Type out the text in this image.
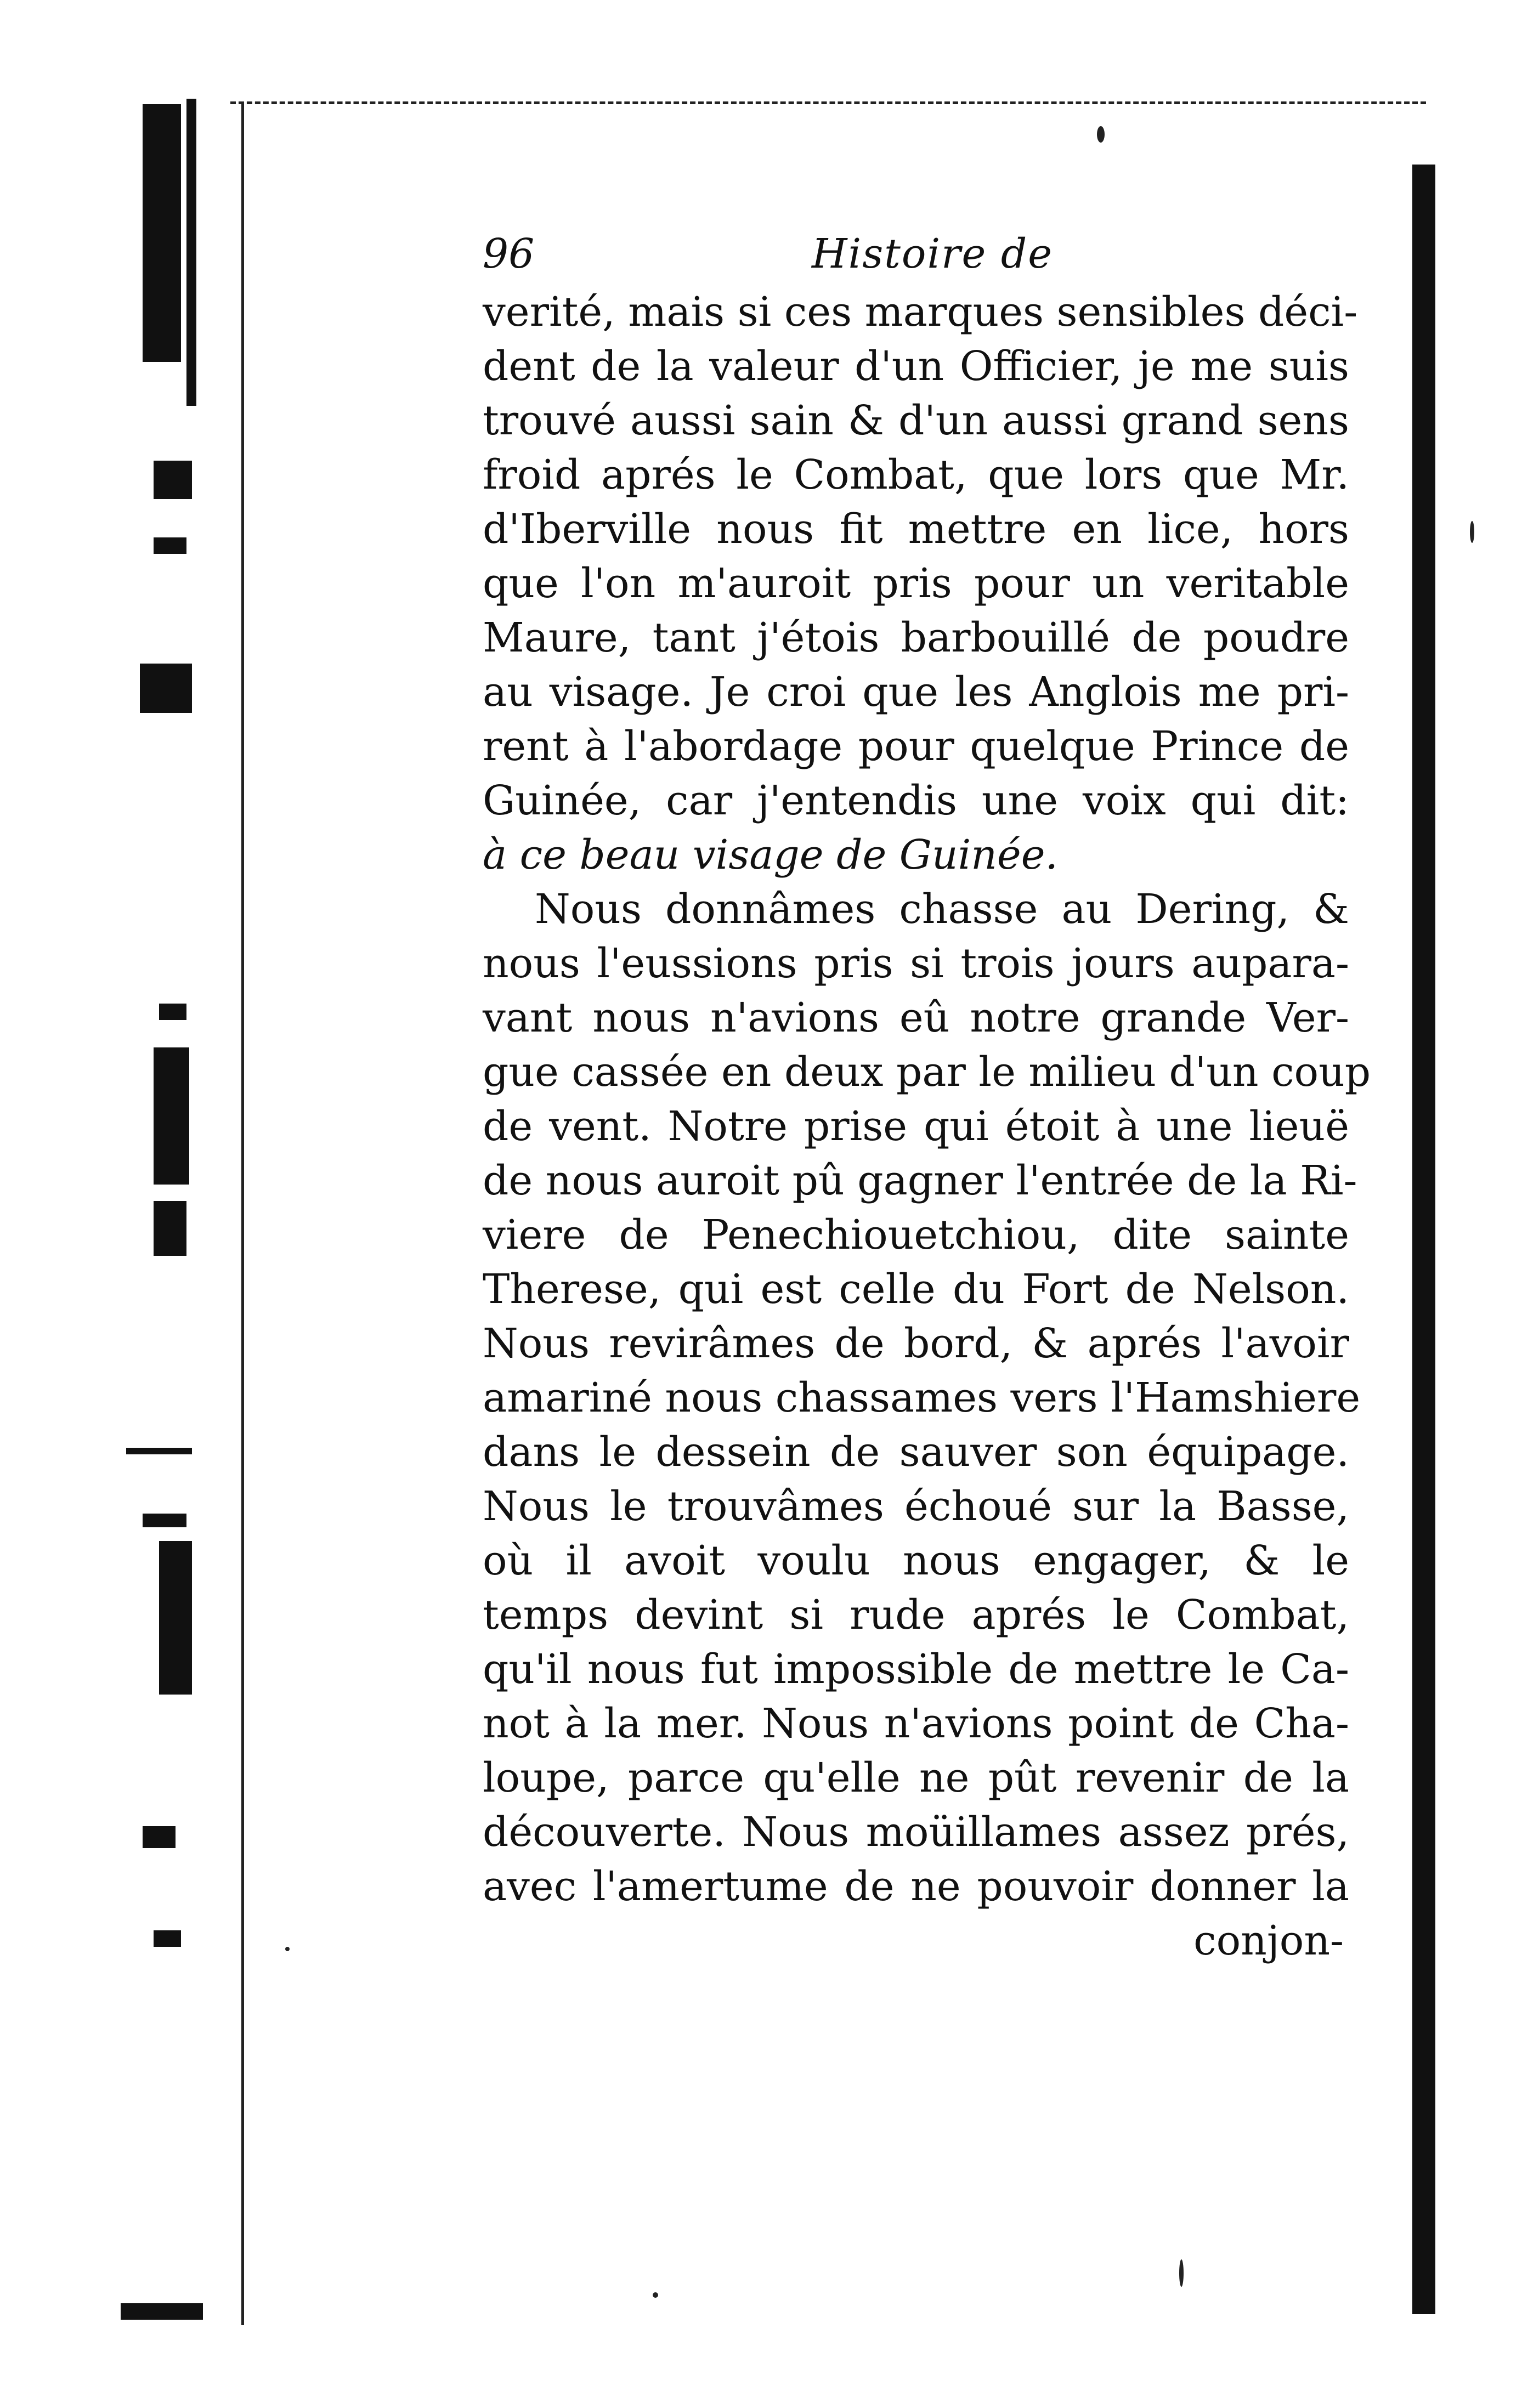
96	Histoire de
verité, mais si ces marques sensibles déci-
dent de la valeur d'un Officier, je me suis
trouvé aussi sain & d'un aussi grand sens
froid aprés le Combat, que lors que Mr.
d'Iberville nous fit mettre en lice, hors
que l'on m'auroit pris pour un veritable
Maure, tant j'étois barbouillé de poudre
au visage. Je croi que les Anglois me pri-
rent à l'abordage pour quelque Prince de
Guinée, car j'entendis une voix qui dit:
à ce beau visage de Guinée.
Nous donnâmes chasse au Dering, &
nous l'eussions pris si trois jours aupara-
vant nous n'avions eû notre grande Ver-
gue cassée en deux par le milieu d'un coup
de vent. Notre prise qui étoit à une lieuë
de nous auroit pû gagner l'entrée de la Ri-
viere de Penechiouetchiou, dite sainte
Therese, qui est celle du Fort de Nelson.
Nous revirâmes de bord, & aprés l'avoir
amariné nous chassames vers l'Hamshiere
dans le dessein de sauver son équipage.
Nous le trouvâmes échoué sur la Basse,
où il avoit voulu nous engager, & le
temps devint si rude aprés le Combat,
qu'il nous fut impossible de mettre le Ca-
not à la mer. Nous n'avions point de Cha-
loupe, parce qu'elle ne pût revenir de la
découverte. Nous moüillames assez prés,
avec l'amertume de ne pouvoir donner la
conjon-
